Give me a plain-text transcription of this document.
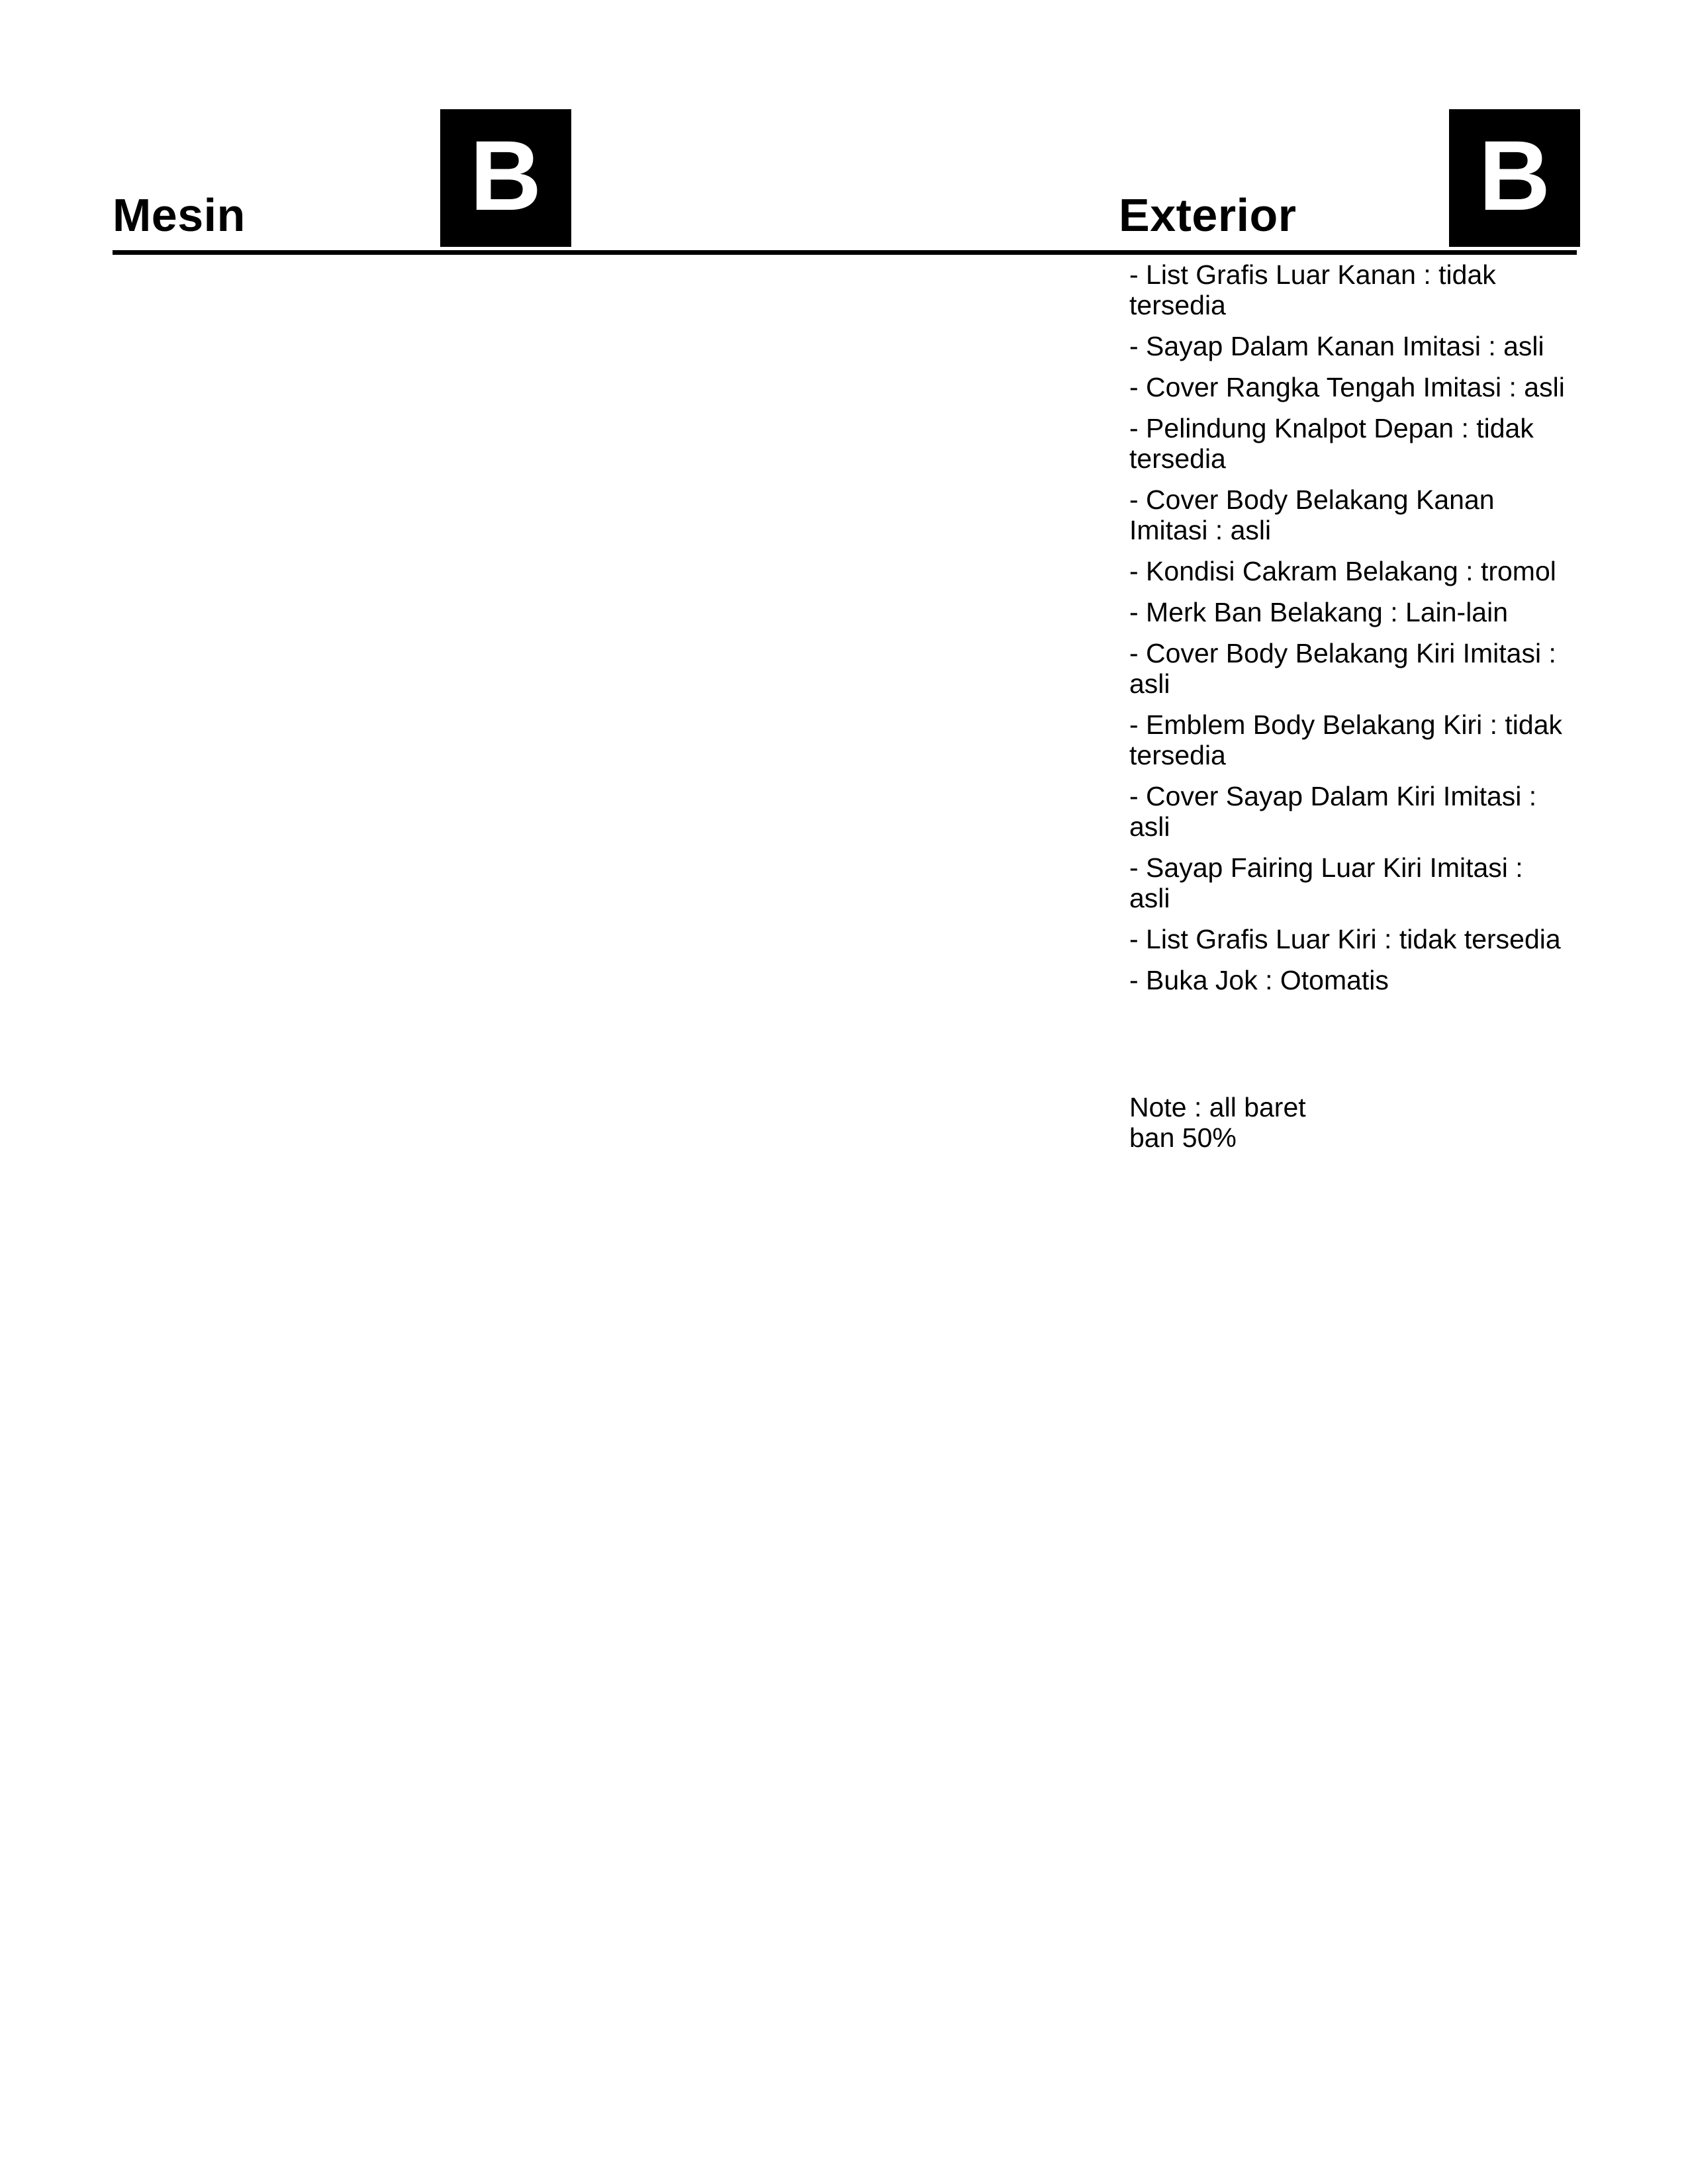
Mesin B	Exterior B
- List Grafis Luar Kanan : tidak tersedia
- Sayap Dalam Kanan Imitasi : asli
- Cover Rangka Tengah Imitasi : asli
- Pelindung Knalpot Depan : tidak tersedia
- Cover Body Belakang Kanan Imitasi : asli
- Kondisi Cakram Belakang : tromol
- Merk Ban Belakang : Lain-lain
- Cover Body Belakang Kiri Imitasi : asli
- Emblem Body Belakang Kiri : tidak tersedia
- Cover Sayap Dalam Kiri Imitasi : asli
- Sayap Fairing Luar Kiri Imitasi : asli
- List Grafis Luar Kiri : tidak tersedia
- Buka Jok : Otomatis
Note : all baret
ban 50%
